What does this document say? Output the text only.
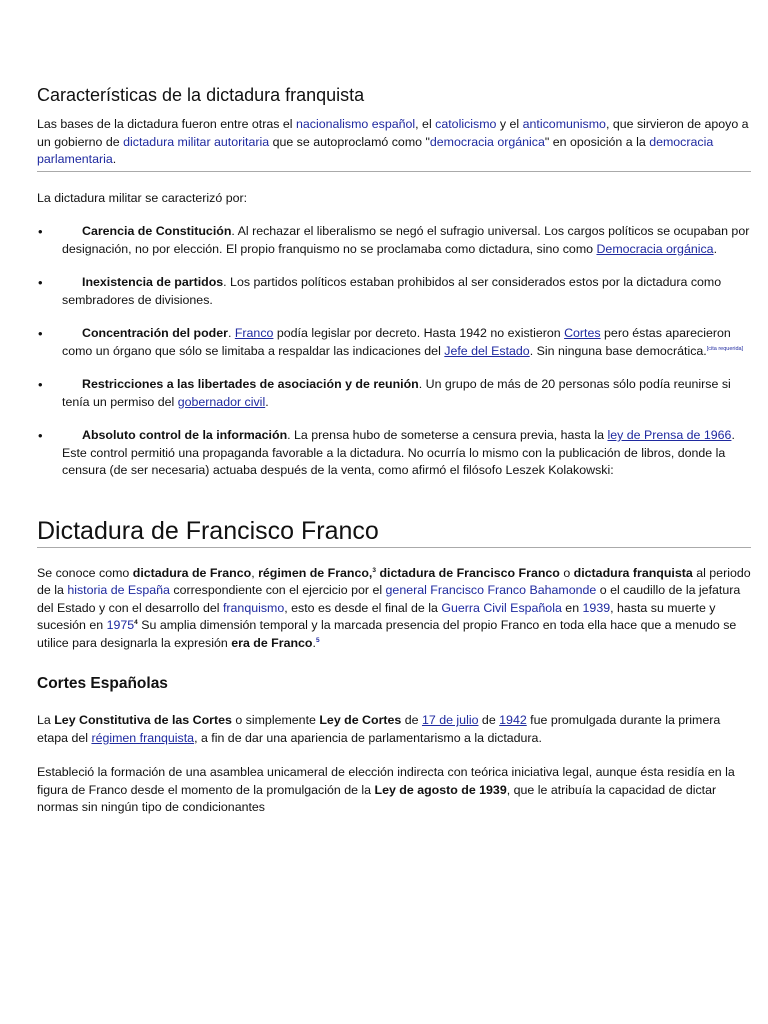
Características de la dictadura franquista

Las bases de la dictadura fueron entre otras el nacionalismo español, el catolicismo y el anticomunismo, que sirvieron de apoyo a un gobierno de dictadura militar autoritaria que se autoproclamó como "democracia orgánica" en oposición a la democracia parlamentaria.

La dictadura militar se caracterizó por:

•	Carencia de Constitución. Al rechazar el liberalismo se negó el sufragio universal. Los cargos políticos se ocupaban por designación, no por elección. El propio franquismo no se proclamaba como dictadura, sino como Democracia orgánica.
•	Inexistencia de partidos. Los partidos políticos estaban prohibidos al ser considerados estos por la dictadura como sembradores de divisiones.
•	Concentración del poder. Franco podía legislar por decreto. Hasta 1942 no existieron Cortes pero éstas aparecieron como un órgano que sólo se limitaba a respaldar las indicaciones del Jefe del Estado. Sin ninguna base democrática.[cita requerida]
•	Restricciones a las libertades de asociación y de reunión. Un grupo de más de 20 personas sólo podía reunirse si tenía un permiso del gobernador civil.
•	Absoluto control de la información. La prensa hubo de someterse a censura previa, hasta la ley de Prensa de 1966. Este control permitió una propaganda favorable a la dictadura. No ocurría lo mismo con la publicación de libros, donde la censura (de ser necesaria) actuaba después de la venta, como afirmó el filósofo Leszek Kolakowski:
Dictadura de Francisco Franco

Se conoce como dictadura de Franco, régimen de Franco,$^3$ dictadura de Francisco Franco o dictadura franquista al periodo de la historia de España correspondiente con el ejercicio por el general Francisco Franco Bahamonde o el caudillo de la jefatura del Estado y con el desarrollo del franquismo, esto es desde el final de la Guerra Civil Española en 1939, hasta su muerte y sucesión en 1975$^4$ Su amplia dimensión temporal y la marcada presencia del propio Franco en toda ella hace que a menudo se utilice para designarla la expresión era de Franco.$^5$

Cortes Españolas

La Ley Constitutiva de las Cortes o simplemente Ley de Cortes de 17 de julio de 1942 fue promulgada durante la primera etapa del régimen franquista, a fin de dar una apariencia de parlamentarismo a la dictadura.

Estableció la formación de una asamblea unicameral de elección indirecta con teórica iniciativa legal, aunque ésta residía en la figura de Franco desde el momento de la promulgación de la Ley de agosto de 1939, que le atribuía la capacidad de dictar normas sin ningún tipo de condicionantes
